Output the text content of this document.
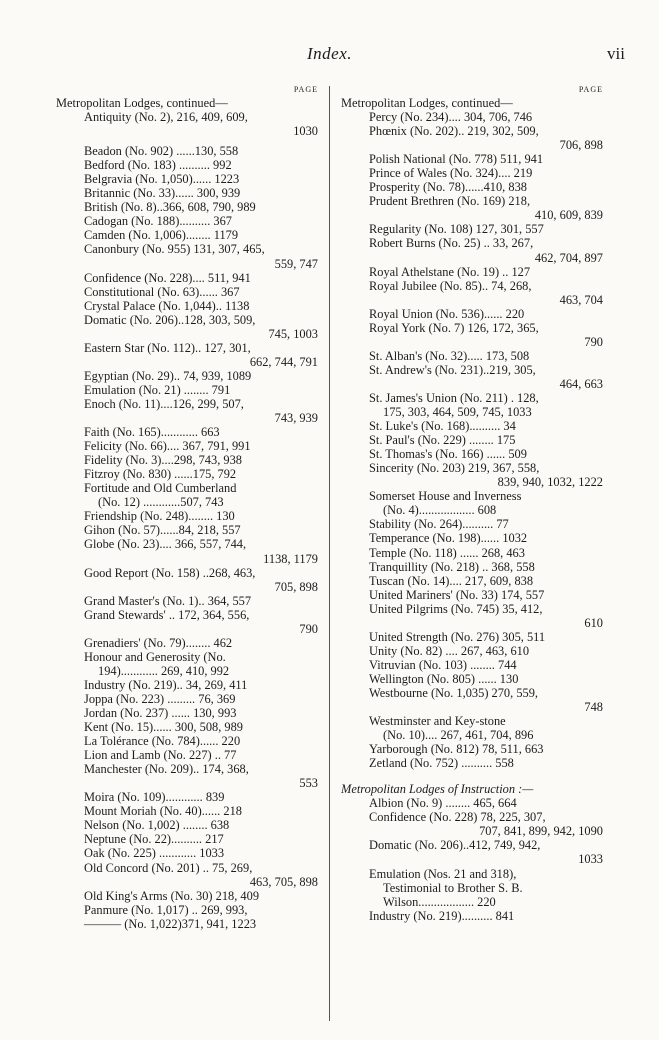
Index.	vii
PAGE
Metropolitan Lodges, continued—
Antiquity (No. 2), 216, 409, 609,
1030
Beadon (No. 902) ......130, 558
Bedford (No. 183) .......... 992
Belgravia (No. 1,050)...... 1223
Britannic (No. 33)...... 300, 939
British (No. 8)..366, 608, 790, 989
Cadogan (No. 188).......... 367
Camden (No. 1,006)........ 1179
Canonbury (No. 955) 131, 307, 465,
559, 747
Confidence (No. 228).... 511, 941
Constitutional (No. 63)...... 367
Crystal Palace (No. 1,044).. 1138
Domatic (No. 206)..128, 303, 509,
745, 1003
Eastern Star (No. 112).. 127, 301,
662, 744, 791
Egyptian (No. 29).. 74, 939, 1089
Emulation (No. 21) ........ 791
Enoch (No. 11)....126, 299, 507,
743, 939
Faith (No. 165)............ 663
Felicity (No. 66).... 367, 791, 991
Fidelity (No. 3)....298, 743, 938
Fitzroy (No. 830) ......175, 792
Fortitude and Old Cumberland
(No. 12) ............507, 743
Friendship (No. 248)........ 130
Gihon (No. 57)......84, 218, 557
Globe (No. 23).... 366, 557, 744,
1138, 1179
Good Report (No. 158) ..268, 463,
705, 898
Grand Master's (No. 1).. 364, 557
Grand Stewards' .. 172, 364, 556,
790
Grenadiers' (No. 79)........ 462
Honour and Generosity (No.
194)............ 269, 410, 992
Industry (No. 219).. 34, 269, 411
Joppa (No. 223) ......... 76, 369
Jordan (No. 237) ...... 130, 993
Kent (No. 15)...... 300, 508, 989
La Tolérance (No. 784)...... 220
Lion and Lamb (No. 227) .. 77
Manchester (No. 209).. 174, 368,
553
Moira (No. 109)............ 839
Mount Moriah (No. 40)...... 218
Nelson (No. 1,002) ........ 638
Neptune (No. 22).......... 217
Oak (No. 225) ............ 1033
Old Concord (No. 201) .. 75, 269,
463, 705, 898
Old King's Arms (No. 30) 218, 409
Panmure (No. 1,017) .. 269, 993,
——— (No. 1,022)371, 941, 1223
PAGE
Metropolitan Lodges, continued—
Percy (No. 234).... 304, 706, 746
Phœnix (No. 202).. 219, 302, 509,
706, 898
Polish National (No. 778) 511, 941
Prince of Wales (No. 324).... 219
Prosperity (No. 78)......410, 838
Prudent Brethren (No. 169) 218,
410, 609, 839
Regularity (No. 108) 127, 301, 557
Robert Burns (No. 25) .. 33, 267,
462, 704, 897
Royal Athelstane (No. 19) .. 127
Royal Jubilee (No. 85).. 74, 268,
463, 704
Royal Union (No. 536)...... 220
Royal York (No. 7) 126, 172, 365,
790
St. Alban's (No. 32)..... 173, 508
St. Andrew's (No. 231)..219, 305,
464, 663
St. James's Union (No. 211) . 128,
175, 303, 464, 509, 745, 1033
St. Luke's (No. 168).......... 34
St. Paul's (No. 229) ........ 175
St. Thomas's (No. 166) ...... 509
Sincerity (No. 203) 219, 367, 558,
839, 940, 1032, 1222
Somerset House and Inverness
(No. 4).................. 608
Stability (No. 264).......... 77
Temperance (No. 198)...... 1032
Temple (No. 118) ...... 268, 463
Tranquillity (No. 218) .. 368, 558
Tuscan (No. 14).... 217, 609, 838
United Mariners' (No. 33) 174, 557
United Pilgrims (No. 745) 35, 412,
610
United Strength (No. 276) 305, 511
Unity (No. 82) .... 267, 463, 610
Vitruvian (No. 103) ........ 744
Wellington (No. 805) ...... 130
Westbourne (No. 1,035) 270, 559,
748
Westminster and Key-stone
(No. 10).... 267, 461, 704, 896
Yarborough (No. 812) 78, 511, 663
Zetland (No. 752) .......... 558
Metropolitan Lodges of Instruction :—
Albion (No. 9) ........ 465, 664
Confidence (No. 228) 78, 225, 307,
707, 841, 899, 942, 1090
Domatic (No. 206)..412, 749, 942,
1033
Emulation (Nos. 21 and 318),
Testimonial to Brother S. B.
Wilson.................. 220
Industry (No. 219).......... 841
